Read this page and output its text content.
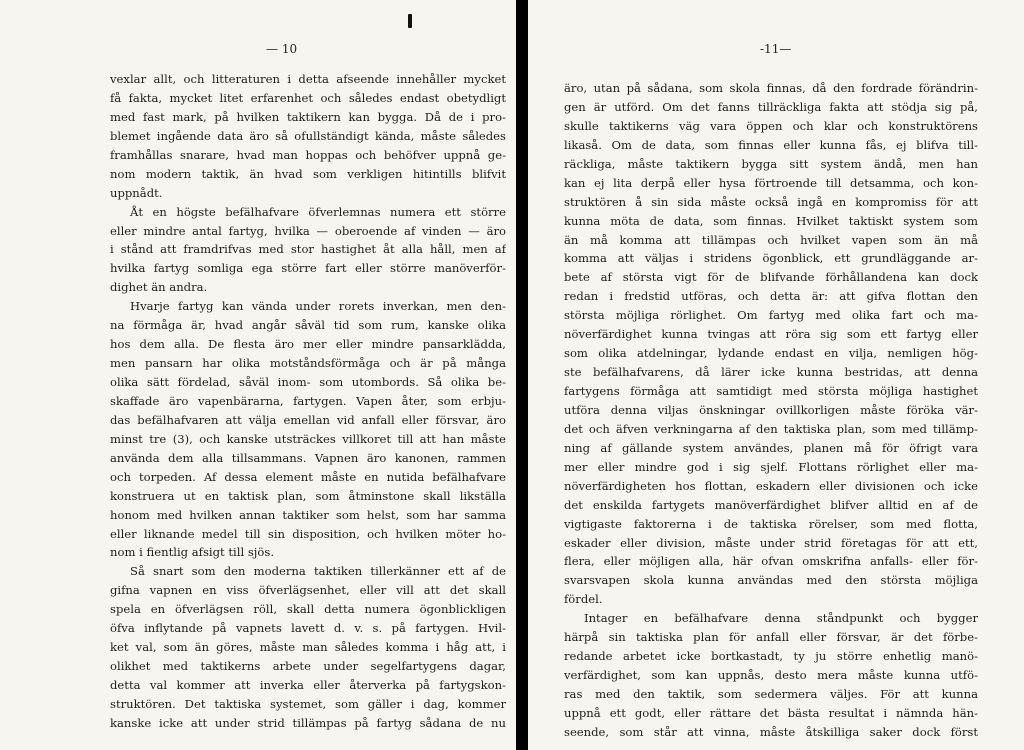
— 10
vexlar allt, och litteraturen i detta afseende innehåller mycket
få fakta, mycket litet erfarenhet och således endast obetydligt
med fast mark, på hvilken taktikern kan bygga. Då de i pro-
blemet ingående data äro så ofullständigt kända, måste således
framhållas snarare, hvad man hoppas och behöfver uppnå ge-
nom modern taktik, än hvad som verkligen hitintills blifvit
uppnådt.
Åt en högste befälhafvare öfverlemnas numera ett större
eller mindre antal fartyg, hvilka — oberoende af vinden — äro
i stånd att framdrifvas med stor hastighet åt alla håll, men af
hvilka fartyg somliga ega större fart eller större manöverför-
dighet än andra.
Hvarje fartyg kan vända under rorets inverkan, men den-
na förmåga är, hvad angår såväl tid som rum, kanske olika
hos dem alla. De flesta äro mer eller mindre pansarklädda,
men pansarn har olika motståndsförmåga och är på många
olika sätt fördelad, såväl inom- som utombords. Så olika be-
skaffade äro vapenbärarna, fartygen. Vapen åter, som erbju-
das befälhafvaren att välja emellan vid anfall eller försvar, äro
minst tre (3), och kanske utsträckes villkoret till att han måste
använda dem alla tillsammans. Vapnen äro kanonen, rammen
och torpeden. Af dessa element måste en nutida befälhafvare
konstruera ut en taktisk plan, som åtminstone skall likställa
honom med hvilken annan taktiker som helst, som har samma
eller liknande medel till sin disposition, och hvilken möter ho-
nom i fientlig afsigt till sjös.
Så snart som den moderna taktiken tillerkänner ett af de
gifna vapnen en viss öfverlägsenhet, eller vill att det skall
spela en öfverlägsen röll, skall detta numera ögonblickligen
öfva inflytande på vapnets lavett d. v. s. på fartygen. Hvil-
ket val, som än göres, måste man således komma i håg att, i
olikhet med taktikerns arbete under segelfartygens dagar,
detta val kommer att inverka eller återverka på fartygskon-
struktören. Det taktiska systemet, som gäller i dag, kommer
kanske icke att under strid tillämpas på fartyg sådana de nu
-11—
äro, utan på sådana, som skola finnas, då den fordrade förändrin-
gen är utförd. Om det fanns tillräckliga fakta att stödja sig på,
skulle taktikerns väg vara öppen och klar och konstruktörens
likaså. Om de data, som finnas eller kunna fås, ej blifva till-
räckliga, måste taktikern bygga sitt system ändå, men han
kan ej lita derpå eller hysa förtroende till detsamma, och kon-
struktören å sin sida måste också ingå en kompromiss för att
kunna möta de data, som finnas. Hvilket taktiskt system som
än må komma att tillämpas och hvilket vapen som än må
komma att väljas i stridens ögonblick, ett grundläggande ar-
bete af största vigt för de blifvande förhållandena kan dock
redan i fredstid utföras, och detta är: att gifva flottan den
största möjliga rörlighet. Om fartyg med olika fart och ma-
növerfärdighet kunna tvingas att röra sig som ett fartyg eller
som olika atdelningar, lydande endast en vilja, nemligen hög-
ste befälhafvarens, då lärer icke kunna bestridas, att denna
fartygens förmåga att samtidigt med största möjliga hastighet
utföra denna viljas önskningar ovillkorligen måste föröka vär-
det och äfven verkningarna af den taktiska plan, som med tillämp-
ning af gällande system användes, planen må för öfrigt vara
mer eller mindre god i sig sjelf. Flottans rörlighet eller ma-
növerfärdigheten hos flottan, eskadern eller divisionen och icke
det enskilda fartygets manöverfärdighet blifver alltid en af de
vigtigaste faktorerna i de taktiska rörelser, som med flotta,
eskader eller division, måste under strid företagas för att ett,
flera, eller möjligen alla, här ofvan omskrifna anfalls- eller för-
svarsvapen skola kunna användas med den största möjliga
fördel.
Intager en befälhafvare denna ståndpunkt och bygger
härpå sin taktiska plan för anfall eller försvar, är det förbe-
redande arbetet icke bortkastadt, ty ju större enhetlig manö-
verfärdighet, som kan uppnås, desto mera måste kunna utfö-
ras med den taktik, som sedermera väljes. För att kunna
uppnå ett godt, eller rättare det bästa resultat i nämnda hän-
seende, som står att vinna, måste åtskilliga saker dock först
